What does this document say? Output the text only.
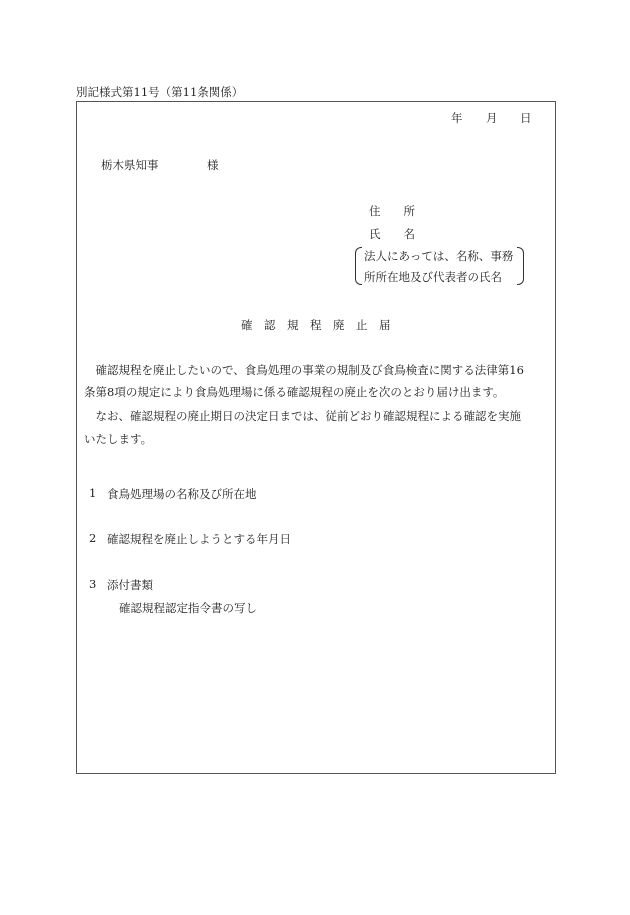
別記様式第11号（第11条関係）
年 月 日
栃木県知事	様
住　　所
氏　　名
法人にあっては、名称、事務
所所在地及び代表者の氏名
確　認　規　程　廃　止　届
　確認規程を廃止したいので、食鳥処理の事業の規制及び食鳥検査に関する法律第16
条第8項の規定により食鳥処理場に係る確認規程の廃止を次のとおり届け出ます。
　なお、確認規程の廃止期日の決定日までは、従前どおり確認規程による確認を実施
いたします。
1 食鳥処理場の名称及び所在地
2 確認規程を廃止しようとする年月日
3 添付書類
確認規程認定指令書の写し
